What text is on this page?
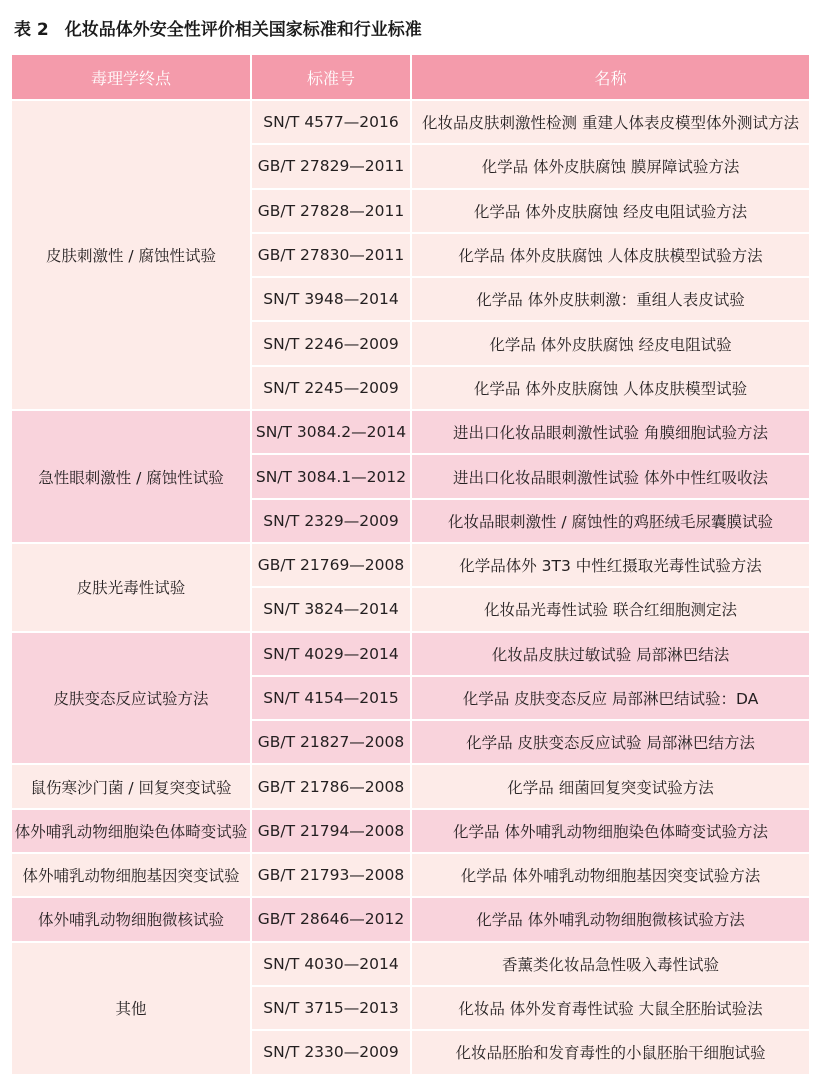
表 2 化妆品体外安全性评价相关国家标准和行业标准
毒理学终点	标准号	名称
皮肤刺激性 / 腐蚀性试验	SN/T 4577—2016	化妆品皮肤刺激性检测 重建人体表皮模型体外测试方法
	GB/T 27829—2011	化学品 体外皮肤腐蚀 膜屏障试验方法
	GB/T 27828—2011	化学品 体外皮肤腐蚀 经皮电阻试验方法
	GB/T 27830—2011	化学品 体外皮肤腐蚀 人体皮肤模型试验方法
	SN/T 3948—2014	化学品 体外皮肤刺激：重组人表皮试验
	SN/T 2246—2009	化学品 体外皮肤腐蚀 经皮电阻试验
	SN/T 2245—2009	化学品 体外皮肤腐蚀 人体皮肤模型试验
急性眼刺激性 / 腐蚀性试验	SN/T 3084.2—2014	进出口化妆品眼刺激性试验 角膜细胞试验方法
	SN/T 3084.1—2012	进出口化妆品眼刺激性试验 体外中性红吸收法
	SN/T 2329—2009	化妆品眼刺激性 / 腐蚀性的鸡胚绒毛尿囊膜试验
皮肤光毒性试验	GB/T 21769—2008	化学品体外 3T3 中性红摄取光毒性试验方法
	SN/T 3824—2014	化妆品光毒性试验 联合红细胞测定法
皮肤变态反应试验方法	SN/T 4029—2014	化妆品皮肤过敏试验 局部淋巴结法
	SN/T 4154—2015	化学品 皮肤变态反应 局部淋巴结试验：DA
	GB/T 21827—2008	化学品 皮肤变态反应试验 局部淋巴结方法
鼠伤寒沙门菌 / 回复突变试验	GB/T 21786—2008	化学品 细菌回复突变试验方法
体外哺乳动物细胞染色体畸变试验	GB/T 21794—2008	化学品 体外哺乳动物细胞染色体畸变试验方法
体外哺乳动物细胞基因突变试验	GB/T 21793—2008	化学品 体外哺乳动物细胞基因突变试验方法
体外哺乳动物细胞微核试验	GB/T 28646—2012	化学品 体外哺乳动物细胞微核试验方法
其他	SN/T 4030—2014	香薰类化妆品急性吸入毒性试验
	SN/T 3715—2013	化妆品 体外发育毒性试验 大鼠全胚胎试验法
	SN/T 2330—2009	化妆品胚胎和发育毒性的小鼠胚胎干细胞试验
